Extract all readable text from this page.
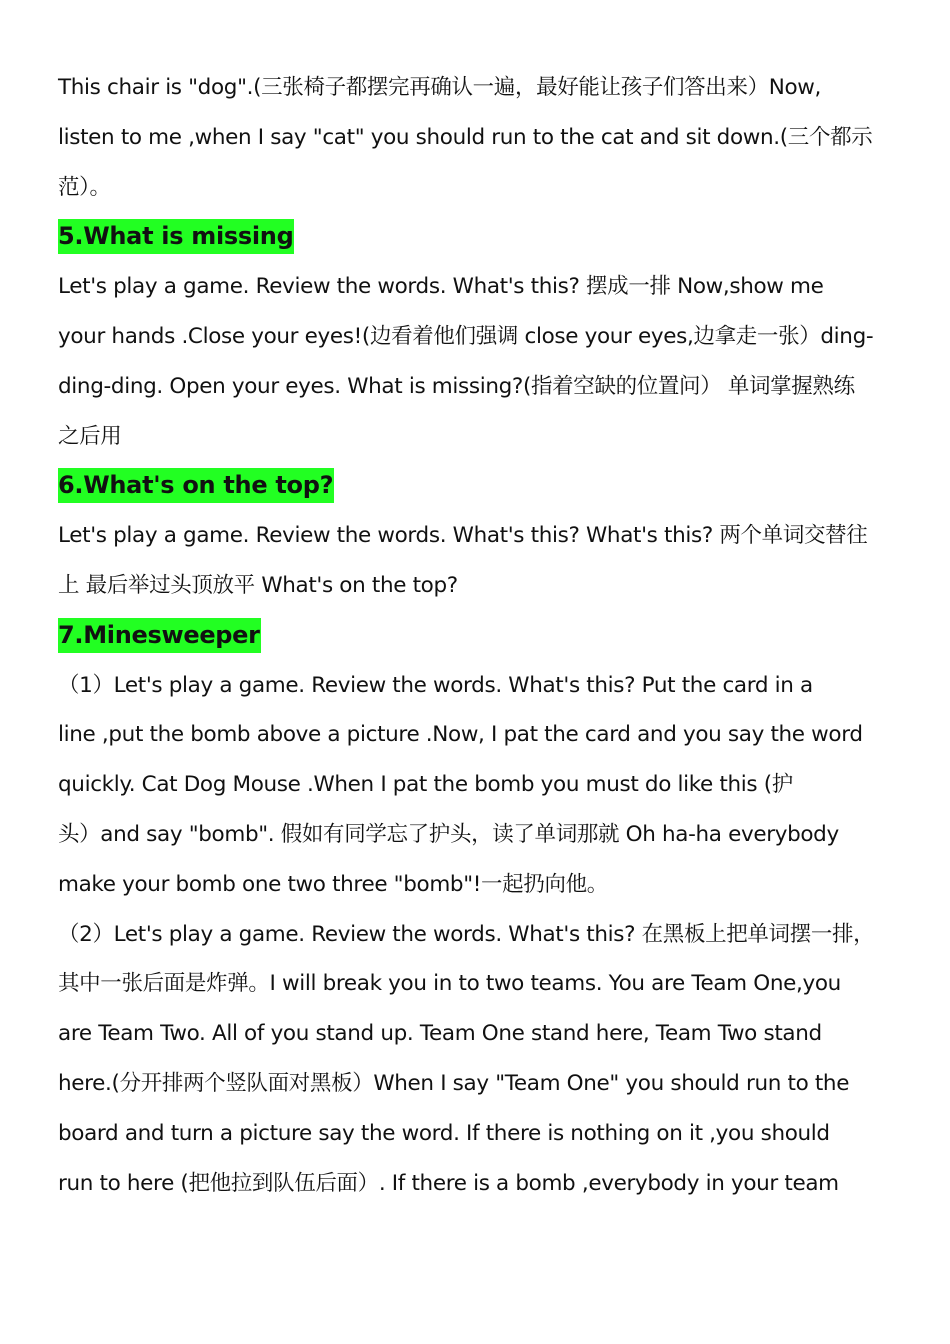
This chair is "dog".(三张椅子都摆完再确认一遍，最好能让孩子们答出来）Now,
listen to me ,when I say "cat" you should run to the cat and sit down.(三个都示
范）。
5.What is missing
Let's play a game. Review the words. What's this? 摆成一排 Now,show me
your hands .Close your eyes!(边看着他们强调 close your eyes,边拿走一张）ding-
ding-ding. Open your eyes. What is missing?(指着空缺的位置问） 单词掌握熟练
之后用
6.What's on the top?
Let's play a game. Review the words. What's this? What's this? 两个单词交替往
上 最后举过头顶放平 What's on the top?
7.Minesweeper
（1）Let's play a game. Review the words. What's this? Put the card in a
line ,put the bomb above a picture .Now, I pat the card and you say the word
quickly. Cat Dog Mouse .When I pat the bomb you must do like this (护
头）and say "bomb". 假如有同学忘了护头，读了单词那就 Oh ha-ha everybody
make your bomb one two three "bomb"!一起扔向他。
（2）Let's play a game. Review the words. What's this? 在黑板上把单词摆一排，
其中一张后面是炸弹。I will break you in to two teams. You are Team One,you
are Team Two. All of you stand up. Team One stand here, Team Two stand
here.(分开排两个竖队面对黑板）When I say "Team One" you should run to the
board and turn a picture say the word. If there is nothing on it ,you should
run to here (把他拉到队伍后面）. If there is a bomb ,everybody in your team
